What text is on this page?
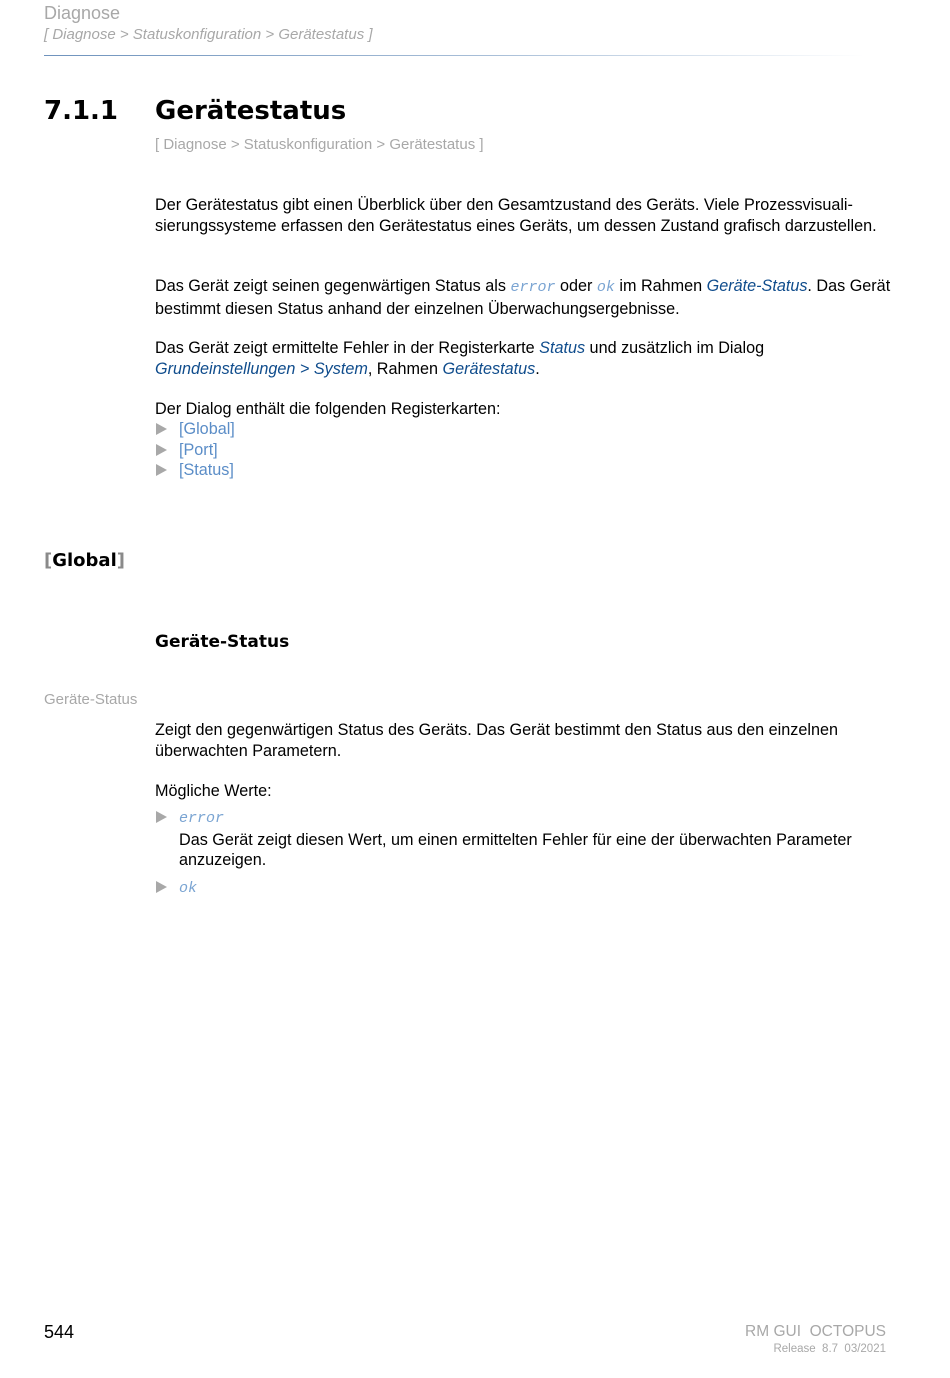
Diagnose
[ Diagnose > Statuskonfiguration > Gerätestatus ]
7.1.1 Gerätestatus
[ Diagnose > Statuskonfiguration > Gerätestatus ]

Der Gerätestatus gibt einen Überblick über den Gesamtzustand des Geräts. Viele Prozessvisualisierungssysteme erfassen den Gerätestatus eines Geräts, um dessen Zustand grafisch darzustellen.

Das Gerät zeigt seinen gegenwärtigen Status als error oder ok im Rahmen Geräte-Status. Das Gerät bestimmt diesen Status anhand der einzelnen Überwachungsergebnisse.

Das Gerät zeigt ermittelte Fehler in der Registerkarte Status und zusätzlich im Dialog Grundeinstellungen > System, Rahmen Gerätestatus.

Der Dialog enthält die folgenden Registerkarten:

[Global]
[Port]
[Status]
[Global]
Geräte-Status
Geräte-Status

Zeigt den gegenwärtigen Status des Geräts. Das Gerät bestimmt den Status aus den einzelnen überwachten Parametern.

Mögliche Werte:

error
Das Gerät zeigt diesen Wert, um einen ermittelten Fehler für eine der überwachten Parameter anzuzeigen.
ok
544	RM GUI  OCTOPUS
Release  8.7  03/2021
